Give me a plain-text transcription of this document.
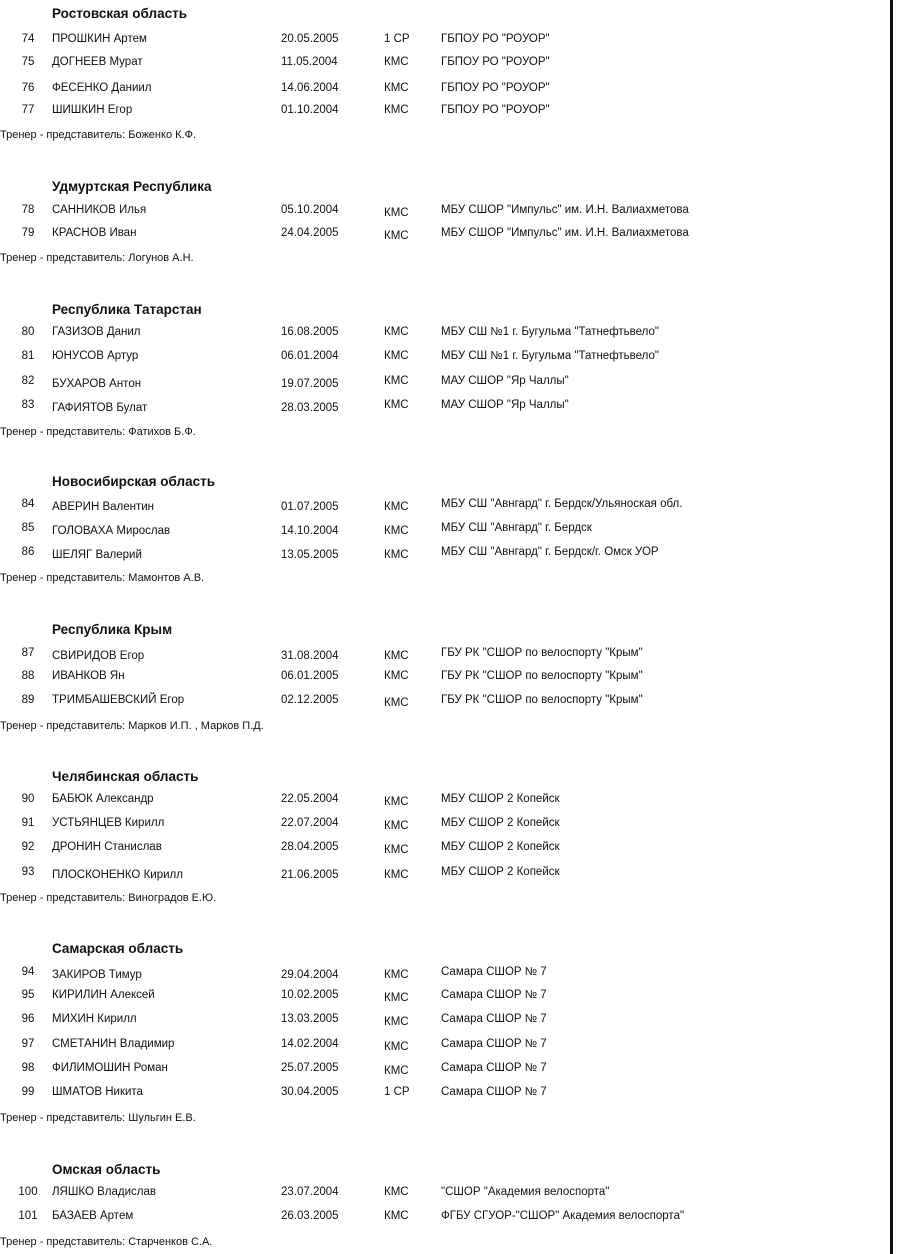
Ростовская область
74	ПРОШКИН Артем	20.05.2005	1 СР	ГБПОУ РО "РОУОР"
75	ДОГНЕЕВ Мурат	11.05.2004	КМС	ГБПОУ РО "РОУОР"
76	ФЕСЕНКО Даниил	14.06.2004	КМС	ГБПОУ РО "РОУОР"
77	ШИШКИН Егор	01.10.2004	КМС	ГБПОУ РО "РОУОР"
Тренер - представитель: Боженко К.Ф.
Удмуртская Республика
78	САННИКОВ Илья	05.10.2004	КМС	МБУ СШОР "Импульс" им. И.Н. Валиахметова
79	КРАСНОВ Иван	24.04.2005	КМС	МБУ СШОР "Импульс" им. И.Н. Валиахметова
Тренер - представитель: Логунов А.Н.
Республика Татарстан
80	ГАЗИЗОВ Данил	16.08.2005	КМС	МБУ СШ №1 г. Бугульма "Татнефтьвело"
81	ЮНУСОВ Артур	06.01.2004	КМС	МБУ СШ №1 г. Бугульма "Татнефтьвело"
82	БУХАРОВ Антон	19.07.2005	КМС	МАУ СШОР "Яр Чаллы"
83	ГАФИЯТОВ Булат	28.03.2005	КМС	МАУ СШОР "Яр Чаллы"
Тренер - представитель: Фатихов Б.Ф.
Новосибирская область
84	АВЕРИН Валентин	01.07.2005	КМС	МБУ СШ "Авнгард" г. Бердск/Ульяноская обл.
85	ГОЛОВАХА Мирослав	14.10.2004	КМС	МБУ СШ "Авнгард" г. Бердск
86	ШЕЛЯГ Валерий	13.05.2005	КМС	МБУ СШ "Авнгард" г. Бердск/г. Омск УОР
Тренер - представитель: Мамонтов А.В.
Республика Крым
87	СВИРИДОВ Егор	31.08.2004	КМС	ГБУ РК "СШОР по велоспорту "Крым"
88	ИВАНКОВ Ян	06.01.2005	КМС	ГБУ РК "СШОР по велоспорту "Крым"
89	ТРИМБАШЕВСКИЙ Егор	02.12.2005	КМС	ГБУ РК "СШОР по велоспорту "Крым"
Тренер - представитель: Марков И.П. , Марков П.Д.
Челябинская область
90	БАБЮК Александр	22.05.2004	КМС	МБУ СШОР 2 Копейск
91	УСТЬЯНЦЕВ Кирилл	22.07.2004	КМС	МБУ СШОР 2 Копейск
92	ДРОНИН Станислав	28.04.2005	КМС	МБУ СШОР 2 Копейск
93	ПЛОСКОНЕНКО Кирилл	21.06.2005	КМС	МБУ СШОР 2 Копейск
Тренер - представитель: Виноградов Е.Ю.
Самарская область
94	ЗАКИРОВ Тимур	29.04.2004	КМС	Самара СШОР № 7
95	КИРИЛИН Алексей	10.02.2005	КМС	Самара СШОР № 7
96	МИХИН Кирилл	13.03.2005	КМС	Самара СШОР № 7
97	СМЕТАНИН Владимир	14.02.2004	КМС	Самара СШОР № 7
98	ФИЛИМОШИН Роман	25.07.2005	КМС	Самара СШОР № 7
99	ШМАТОВ Никита	30.04.2005	1 СР	Самара СШОР № 7
Тренер - представитель: Шульгин Е.В.
Омская область
100 ЛЯШКО Владислав	23.07.2004	КМС	"СШОР "Академия велоспорта"
101 БАЗАЕВ Артем	26.03.2005	КМС	ФГБУ СГУОР-"СШОР" Академия велоспорта"
Тренер - представитель: Старченков С.А.
